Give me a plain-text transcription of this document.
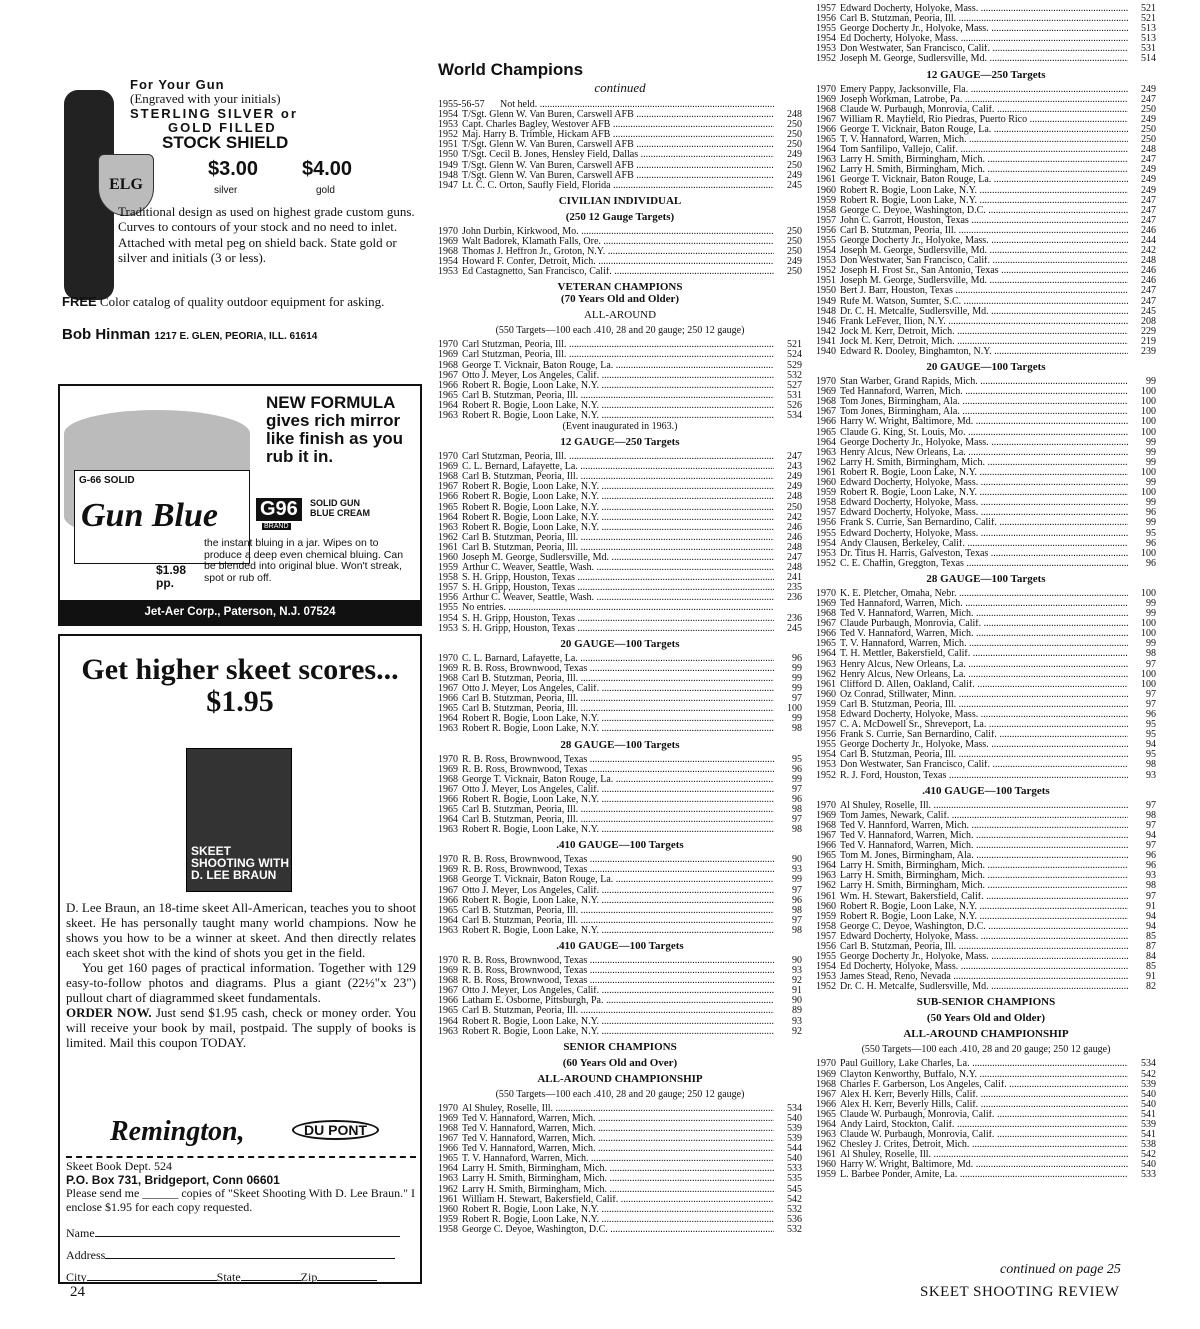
ELG
For Your Gun
(Engraved with your initials)
STERLING SILVER or
GOLD FILLED
STOCK SHIELD
$3.00
silver
$4.00
gold
Traditional design as used on highest grade custom guns. Curves to contours of your stock and no need to inlet. Attached with metal peg on shield back. State gold or silver and initials (3 or less).
FREE Color catalog of quality outdoor equipment for asking.
Bob Hinman 1217 E. GLEN, PEORIA, ILL. 61614
G-66 SOLID
Gun Blue
NEW FORMULA gives rich mirror like finish as you rub it in.
G96
BRAND
SOLID GUN BLUE CREAM
the instant bluing in a jar. Wipes on to produce a deep even chemical bluing. Can be blended into original blue. Won't streak, spot or rub off.
$1.98 pp.
Jet-Aer Corp., Paterson, N.J. 07524
Get higher skeet scores... $1.95
SKEET SHOOTING WITH D. LEE BRAUN
D. Lee Braun, an 18-time skeet All-American, teaches you to shoot skeet. He has personally taught many world champions. Now he shows you how to be a winner at skeet. And then directly relates each skeet shot with the kind of shots you get in the field.
You get 160 pages of practical information. Together with 129 easy-to-follow photos and diagrams. Plus a giant (22½"x 23") pullout chart of diagrammed skeet fundamentals.
ORDER NOW. Just send $1.95 cash, check or money order. You will receive your book by mail, postpaid. The supply of books is limited. Mail this coupon TODAY.
Remington,	DU PONT
Skeet Book Dept. 524
P.O. Box 731, Bridgeport, Conn 06601
Please send me ______ copies of "Skeet Shooting With D. Lee Braun." I enclose $1.95 for each copy requested.
Name
Address
City	State	Zip
World Champions
continued
1955-56-57	Not held. .....
1954 T/Sgt. Glenn W. Van Buren, Carswell AFB .....	248
1953 Capt. Charles Bagley, Westover AFB .....	250
1952 Maj. Harry B. Trimble, Hickam AFB .....	250
1951 T/Sgt. Glenn W. Van Buren, Carswell AFB .....	250
1950 T/Sgt. Cecil B. Jones, Hensley Field, Dallas .....	249
1949 T/Sgt. Glenn W. Van Buren, Carswell AFB .....	250
1948 T/Sgt. Glenn W. Van Buren, Carswell AFB .....	249
1947 Lt. C. C. Orton, Saufly Field, Florida .....	245
CIVILIAN INDIVIDUAL
(250 12 Gauge Targets)
1970 John Durbin, Kirkwood, Mo. .....	250
1969 Walt Badorek, Klamath Falls, Ore. .....	250
1968 Thomas J. Heffron Jr., Groton, N.Y. .....	250
1954 Howard F. Confer, Detroit, Mich. .....	249
1953 Ed Castagnetto, San Francisco, Calif. .....	250
VETERAN CHAMPIONS
(70 Years Old and Older)
ALL-AROUND
(550 Targets—100 each .410, 28 and 20 gauge; 250 12 gauge)
1970 Carl Stutzman, Peoria, Ill. .....	521
1969 Carl Stutzman, Peoria, Ill. .....	524
1968 George T. Vicknair, Baton Rouge, La. .....	529
1967 Otto J. Meyer, Los Angeles, Calif. .....	532
1966 Robert R. Bogie, Loon Lake, N.Y. .....	527
1965 Carl B. Stutzman, Peoria, Ill. .....	531
1964 Robert R. Bogie, Loon Lake, N.Y. .....	526
1963 Robert R. Bogie, Loon Lake, N.Y. .....	534
(Event inaugurated in 1963.)
12 GAUGE—250 Targets
1970 Carl Stutzman, Peoria, Ill. .....	247
1969 C. L. Bernard, Lafayette, La. .....	243
1968 Carl B. Stutzman, Peoria, Ill. .....	249
1967 Robert R. Bogie, Loon Lake, N.Y. .....	249
1966 Robert R. Bogie, Loon Lake, N.Y. .....	248
1965 Robert R. Bogie, Loon Lake, N.Y. .....	250
1964 Robert R. Bogie, Loon Lake, N.Y. .....	242
1963 Robert R. Bogie, Loon Lake, N.Y. .....	246
1962 Carl B. Stutzman, Peoria, Ill. .....	246
1961 Carl B. Stutzman, Peoria, Ill. .....	248
1960 Joseph M. George, Sudlersville, Md. .....	247
1959 Arthur C. Weaver, Seattle, Wash. .....	248
1958 S. H. Gripp, Houston, Texas .....	241
1957 S. H. Gripp, Houston, Texas .....	235
1956 Arthur C. Weaver, Seattle, Wash. .....	236
1955 No entries. .....
1954 S. H. Gripp, Houston, Texas .....	236
1953 S. H. Gripp, Houston, Texas .....	245
20 GAUGE—100 Targets
1970 C. L. Barnard, Lafayette, La. .....	96
1969 R. B. Ross, Brownwood, Texas .....	99
1968 Carl B. Stutzman, Peoria, Ill. .....	99
1967 Otto J. Meyer, Los Angeles, Calif. .....	99
1966 Carl B. Stutzman, Peoria, Ill. .....	97
1965 Carl B. Stutzman, Peoria, Ill. .....	100
1964 Robert R. Bogie, Loon Lake, N.Y. .....	99
1963 Robert R. Bogie, Loon Lake, N.Y. .....	98
28 GAUGE—100 Targets
1970 R. B. Ross, Brownwood, Texas .....	95
1969 R. B. Ross, Brownwood, Texas .....	96
1968 George T. Vicknair, Baton Rouge, La. .....	99
1967 Otto J. Meyer, Los Angeles, Calif. .....	97
1966 Robert R. Bogie, Loon Lake, N.Y. .....	96
1965 Carl B. Stutzman, Peoria, Ill. .....	98
1964 Carl B. Stutzman, Peoria, Ill. .....	97
1963 Robert R. Bogie, Loon Lake, N.Y. .....	98
.410 GAUGE—100 Targets
1970 R. B. Ross, Brownwood, Texas .....	90
1969 R. B. Ross, Brownwood, Texas .....	93
1968 George T. Vicknair, Baton Rouge, La. .....	99
1967 Otto J. Meyer, Los Angeles, Calif. .....	97
1966 Robert R. Bogie, Loon Lake, N.Y. .....	96
1965 Carl B. Stutzman, Peoria, Ill. .....	98
1964 Carl B. Stutzman, Peoria, Ill. .....	97
1963 Robert R. Bogie, Loon Lake, N.Y. .....	98
.410 GAUGE—100 Targets
1970 R. B. Ross, Brownwood, Texas .....	90
1969 R. B. Ross, Brownwood, Texas .....	93
1968 R. B. Ross, Brownwood, Texas .....	92
1967 Otto J. Meyer, Los Angeles, Calif. .....	91
1966 Latham E. Osborne, Pittsburgh, Pa. .....	90
1965 Carl B. Stutzman, Peoria, Ill. .....	89
1964 Robert R. Bogie, Loon Lake, N.Y. .....	93
1963 Robert R. Bogie, Loon Lake, N.Y. .....	92
SENIOR CHAMPIONS
(60 Years Old and Over)
ALL-AROUND CHAMPIONSHIP
(550 Targets—100 each .410, 28 and 20 gauge; 250 12 gauge)
1970 Al Shuley, Roselle, Ill. .....	534
1969 Ted V. Hannaford, Warren, Mich. .....	540
1968 Ted V. Hannaford, Warren, Mich. .....	539
1967 Ted V. Hannaford, Warren, Mich. .....	539
1966 Ted V. Hannaford, Warren, Mich. .....	544
1965 T. V. Hannaford, Warren, Mich. .....	540
1964 Larry H. Smith, Birmingham, Mich. .....	533
1963 Larry H. Smith, Birmingham, Mich. .....	535
1962 Larry H. Smith, Birmingham, Mich. .....	545
1961 William H. Stewart, Bakersfield, Calif. .....	542
1960 Robert R. Bogie, Loon Lake, N.Y. .....	532
1959 Robert R. Bogie, Loon Lake, N.Y. .....	536
1958 George C. Deyoe, Washington, D.C. .....	532
1957 Edward Docherty, Holyoke, Mass. .....	521
1956 Carl B. Stutzman, Peoria, Ill. .....	521
1955 George Docherty Jr., Holyoke, Mass. .....	513
1954 Ed Docherty, Holyoke, Mass. .....	513
1953 Don Westwater, San Francisco, Calif. .....	531
1952 Joseph M. George, Sudlersville, Md. .....	514
12 GAUGE—250 Targets
1970 Emery Pappy, Jacksonville, Fla. .....	249
1969 Joseph Workman, Latrobe, Pa. .....	247
1968 Claude W. Purbaugh, Monrovia, Calif. .....	250
1967 William R. Mayfield, Rio Piedras, Puerto Rico .....	249
1966 George T. Vicknair, Baton Rouge, La. .....	250
1965 T. V. Hannaford, Warren, Mich. .....	250
1964 Tom Sanfilipo, Vallejo, Calif. .....	248
1963 Larry H. Smith, Birmingham, Mich. .....	247
1962 Larry H. Smith, Birmingham, Mich. .....	249
1961 George T. Vicknair, Baton Rouge, La. .....	249
1960 Robert R. Bogie, Loon Lake, N.Y. .....	249
1959 Robert R. Bogie, Loon Lake, N.Y. .....	247
1958 George C. Deyoe, Washington, D.C. .....	247
1957 John C. Garrott, Houston, Texas .....	247
1956 Carl B. Stutzman, Peoria, Ill. .....	246
1955 George Docherty Jr., Holyoke, Mass. .....	244
1954 Joseph M. George, Sudlersville, Md. .....	242
1953 Don Westwater, San Francisco, Calif. .....	248
1952 Joseph H. Frost Sr., San Antonio, Texas .....	246
1951 Joseph M. George, Sudlersville, Md. .....	246
1950 Bert J. Barr, Houston, Texas .....	247
1949 Rufe M. Watson, Sumter, S.C. .....	247
1948 Dr. C. H. Metcalfe, Sudlersville, Md. .....	245
1946 Frank LeFever, Ilion, N.Y. .....	208
1942 Jock M. Kerr, Detroit, Mich. .....	229
1941 Jock M. Kerr, Detroit, Mich. .....	219
1940 Edward R. Dooley, Binghamton, N.Y. .....	239
20 GAUGE—100 Targets
1970 Stan Warber, Grand Rapids, Mich. .....	99
1969 Ted Hannaford, Warren, Mich. .....	100
1968 Tom Jones, Birmingham, Ala. .....	100
1967 Tom Jones, Birmingham, Ala. .....	100
1966 Harry W. Wright, Baltimore, Md. .....	100
1965 Claude G. King, St. Louis, Mo. .....	100
1964 George Docherty Jr., Holyoke, Mass. .....	99
1963 Henry Alcus, New Orleans, La. .....	99
1962 Larry H. Smith, Birmingham, Mich. .....	99
1961 Robert R. Bogie, Loon Lake, N.Y. .....	100
1960 Edward Docherty, Holyoke, Mass. .....	99
1959 Robert R. Bogie, Loon Lake, N.Y. .....	100
1958 Edward Docherty, Holyoke, Mass. .....	99
1957 Edward Docherty, Holyoke, Mass. .....	96
1956 Frank S. Currie, San Bernardino, Calif. .....	99
1955 Edward Docherty, Holyoke, Mass. .....	95
1954 Andy Clausen, Berkeley, Calif. .....	96
1953 Dr. Titus H. Harris, Galveston, Texas .....	100
1952 C. E. Chaffin, Greggton, Texas .....	96
28 GAUGE—100 Targets
1970 K. E. Pletcher, Omaha, Nebr. .....	100
1969 Ted Hannaford, Warren, Mich. .....	99
1968 Ted V. Hannaford, Warren, Mich. .....	99
1967 Claude Purbaugh, Monrovia, Calif. .....	100
1966 Ted V. Hannaford, Warren, Mich. .....	100
1965 T. V. Hannaford, Warren, Mich. .....	99
1964 T. H. Mettler, Bakersfield, Calif. .....	98
1963 Henry Alcus, New Orleans, La. .....	97
1962 Henry Alcus, New Orleans, La. .....	100
1961 Clifford D. Allen, Oakland, Calif. .....	100
1960 Oz Conrad, Stillwater, Minn. .....	97
1959 Carl B. Stutzman, Peoria, Ill. .....	97
1958 Edward Docherty, Holyoke, Mass. .....	96
1957 C. A. McDowell Sr., Shreveport, La. .....	95
1956 Frank S. Currie, San Bernardino, Calif. .....	95
1955 George Docherty Jr., Holyoke, Mass. .....	94
1954 Carl B. Stutzman, Peoria, Ill. .....	95
1953 Don Westwater, San Francisco, Calif. .....	98
1952 R. J. Ford, Houston, Texas .....	93
.410 GAUGE—100 Targets
1970 Al Shuley, Roselle, Ill. .....	97
1969 Tom James, Newark, Calif. .....	98
1968 Ted V. Hannford, Warren, Mich. .....	97
1967 Ted V. Hannaford, Warren, Mich. .....	94
1966 Ted V. Hannaford, Warren, Mich. .....	97
1965 Tom M. Jones, Birmingham, Ala. .....	96
1964 Larry H. Smith, Birmingham, Mich. .....	96
1963 Larry H. Smith, Birmingham, Mich. .....	93
1962 Larry H. Smith, Birmingham, Mich. .....	98
1961 Wm. H. Stewart, Bakersfield, Calif. .....	97
1960 Robert R. Bogie, Loon Lake, N.Y. .....	91
1959 Robert R. Bogie, Loon Lake, N.Y. .....	94
1958 George C. Deyoe, Washington, D.C. .....	94
1957 Edward Docherty, Holyoke, Mass. .....	85
1956 Carl B. Stutzman, Peoria, Ill. .....	87
1955 George Docherty Jr., Holyoke, Mass. .....	84
1954 Ed Docherty, Holyoke, Mass. .....	85
1953 James Stead, Reno, Nevada .....	91
1952 Dr. C. H. Metcalfe, Sudlersville, Md. .....	82
SUB-SENIOR CHAMPIONS
(50 Years Old and Older)
ALL-AROUND CHAMPIONSHIP
(550 Targets—100 each .410, 28 and 20 gauge; 250 12 gauge)
1970 Paul Guillory, Lake Charles, La. .....	534
1969 Clayton Kenworthy, Buffalo, N.Y. .....	542
1968 Charles F. Garberson, Los Angeles, Calif. .....	539
1967 Alex H. Kerr, Beverly Hills, Calif. .....	540
1966 Alex H. Kerr, Beverly Hills, Calif. .....	540
1965 Claude W. Purbaugh, Monrovia, Calif. .....	541
1964 Andy Laird, Stockton, Calif. .....	539
1963 Claude W. Purbaugh, Monrovia, Calif. .....	541
1962 Chesley J. Crites, Detroit, Mich. .....	538
1961 Al Shuley, Roselle, Ill. .....	542
1960 Harry W. Wright, Baltimore, Md. .....	540
1959 L. Barbee Ponder, Amite, La. .....	533
24
continued on page 25
SKEET SHOOTING REVIEW
